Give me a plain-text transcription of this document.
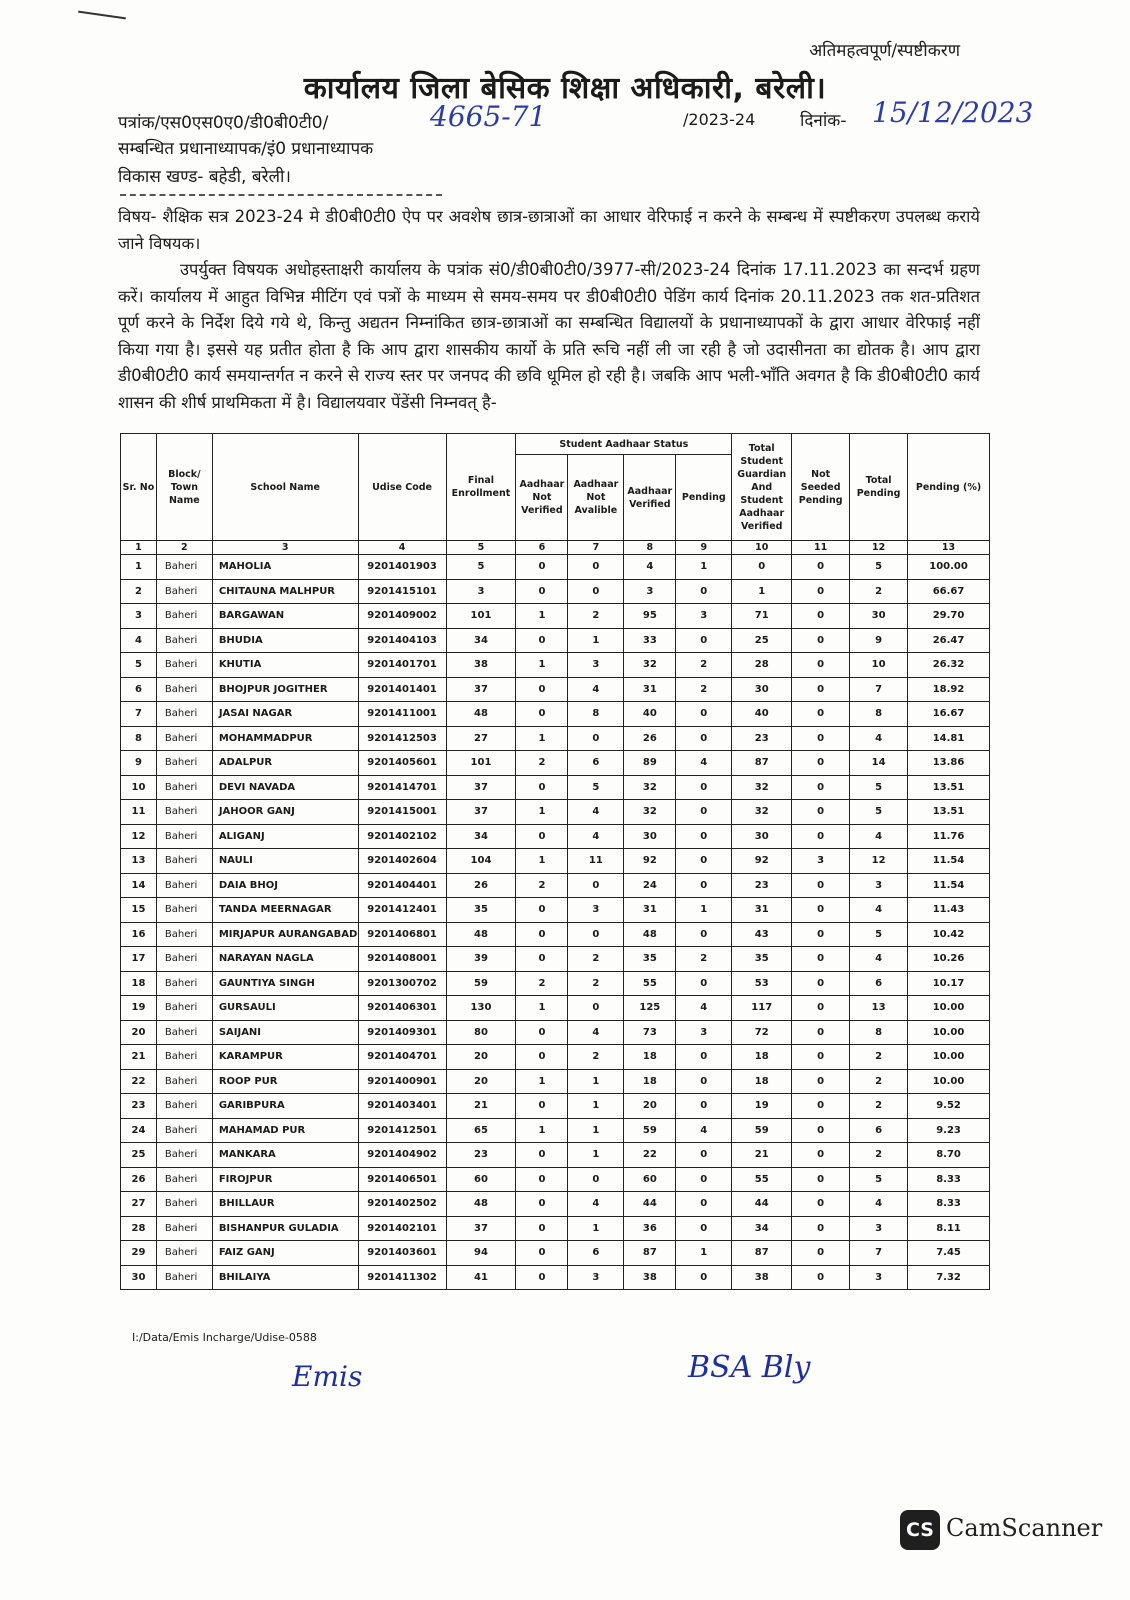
अतिमहत्वपूर्ण/स्पष्टीकरण
कार्यालय जिला बेसिक शिक्षा अधिकारी, बरेली।
पत्रांक/एस0एस0ए0/डी0बी0टी0/	4665-71	/2023-24	दिनांक- 15/12/2023
सम्बन्धित प्रधानाध्यापक/इं0 प्रधानाध्यापक
विकास खण्ड- बहेडी, बरेली।

विषय- शैक्षिक सत्र 2023-24 मे डी0बी0टी0 ऐप पर अवशेष छात्र-छात्राओं का आधार वेरिफाई न करने के सम्बन्ध में स्पष्टीकरण उपलब्ध कराये जाने विषयक।

उपर्युक्त विषयक अधोहस्ताक्षरी कार्यालय के पत्रांक सं0/डी0बी0टी0/3977-सी/2023-24 दिनांक 17.11.2023 का सन्दर्भ ग्रहण करें। कार्यालय में आहुत विभिन्न मीटिंग एवं पत्रों के माध्यम से समय-समय पर डी0बी0टी0 पेडिंग कार्य दिनांक 20.11.2023 तक शत-प्रतिशत पूर्ण करने के निर्देश दिये गये थे, किन्तु अद्यतन निम्नांकित छात्र-छात्राओं का सम्बन्धित विद्यालयों के प्रधानाध्यापकों के द्वारा आधार वेरिफाई नहीं किया गया है। इससे यह प्रतीत होता है कि आप द्वारा शासकीय कार्यो के प्रति रूचि नहीं ली जा रही है जो उदासीनता का द्योतक है। आप द्वारा डी0बी0टी0 कार्य समयान्तर्गत न करने से राज्य स्तर पर जनपद की छवि धूमिल हो रही है। जबकि आप भली-भाँति अवगत है कि डी0बी0टी0 कार्य शासन की शीर्ष प्राथमिकता में है। विद्यालयवार पेंडेंसी निम्नवत् है-

Sr. No	Block/ Town Name	School Name	Udise Code	Final Enrollment	Student Aadhaar Status				Total Student Guardian And Student Aadhaar Verified	Not Seeded Pending	Total Pending	Pending (%)
					Aadhaar Not Verified	Aadhaar Not Avalible	Aadhaar Verified	Pending				
1	2	3	4	5	6	7	8	9	10	11	12	13
1	Baheri	MAHOLIA	9201401903	5	0	0	4	1	0	0	5	100.00
2	Baheri	CHITAUNA MALHPUR	9201415101	3	0	0	3	0	1	0	2	66.67
3	Baheri	BARGAWAN	9201409002	101	1	2	95	3	71	0	30	29.70
4	Baheri	BHUDIA	9201404103	34	0	1	33	0	25	0	9	26.47
5	Baheri	KHUTIA	9201401701	38	1	3	32	2	28	0	10	26.32
6	Baheri	BHOJPUR JOGITHER	9201401401	37	0	4	31	2	30	0	7	18.92
7	Baheri	JASAI NAGAR	9201411001	48	0	8	40	0	40	0	8	16.67
8	Baheri	MOHAMMADPUR	9201412503	27	1	0	26	0	23	0	4	14.81
9	Baheri	ADALPUR	9201405601	101	2	6	89	4	87	0	14	13.86
10	Baheri	DEVI NAVADA	9201414701	37	0	5	32	0	32	0	5	13.51
11	Baheri	JAHOOR GANJ	9201415001	37	1	4	32	0	32	0	5	13.51
12	Baheri	ALIGANJ	9201402102	34	0	4	30	0	30	0	4	11.76
13	Baheri	NAULI	9201402604	104	1	11	92	0	92	3	12	11.54
14	Baheri	DAIA BHOJ	9201404401	26	2	0	24	0	23	0	3	11.54
15	Baheri	TANDA MEERNAGAR	9201412401	35	0	3	31	1	31	0	4	11.43
16	Baheri	MIRJAPUR AURANGABAD	9201406801	48	0	0	48	0	43	0	5	10.42
17	Baheri	NARAYAN NAGLA	9201408001	39	0	2	35	2	35	0	4	10.26
18	Baheri	GAUNTIYA SINGH	9201300702	59	2	2	55	0	53	0	6	10.17
19	Baheri	GURSAULI	9201406301	130	1	0	125	4	117	0	13	10.00
20	Baheri	SAIJANI	9201409301	80	0	4	73	3	72	0	8	10.00
21	Baheri	KARAMPUR	9201404701	20	0	2	18	0	18	0	2	10.00
22	Baheri	ROOP PUR	9201400901	20	1	1	18	0	18	0	2	10.00
23	Baheri	GARIBPURA	9201403401	21	0	1	20	0	19	0	2	9.52
24	Baheri	MAHAMAD PUR	9201412501	65	1	1	59	4	59	0	6	9.23
25	Baheri	MANKARA	9201404902	23	0	1	22	0	21	0	2	8.70
26	Baheri	FIROJPUR	9201406501	60	0	0	60	0	55	0	5	8.33
27	Baheri	BHILLAUR	9201402502	48	0	4	44	0	44	0	4	8.33
28	Baheri	BISHANPUR GULADIA	9201402101	37	0	1	36	0	34	0	3	8.11
29	Baheri	FAIZ GANJ	9201403601	94	0	6	87	1	87	0	7	7.45
30	Baheri	BHILAIYA	9201411302	41	0	3	38	0	38	0	3	7.32
I:/Data/Emis Incharge/Udise-0588
Emis	BSA Bly
CS CamScanner
